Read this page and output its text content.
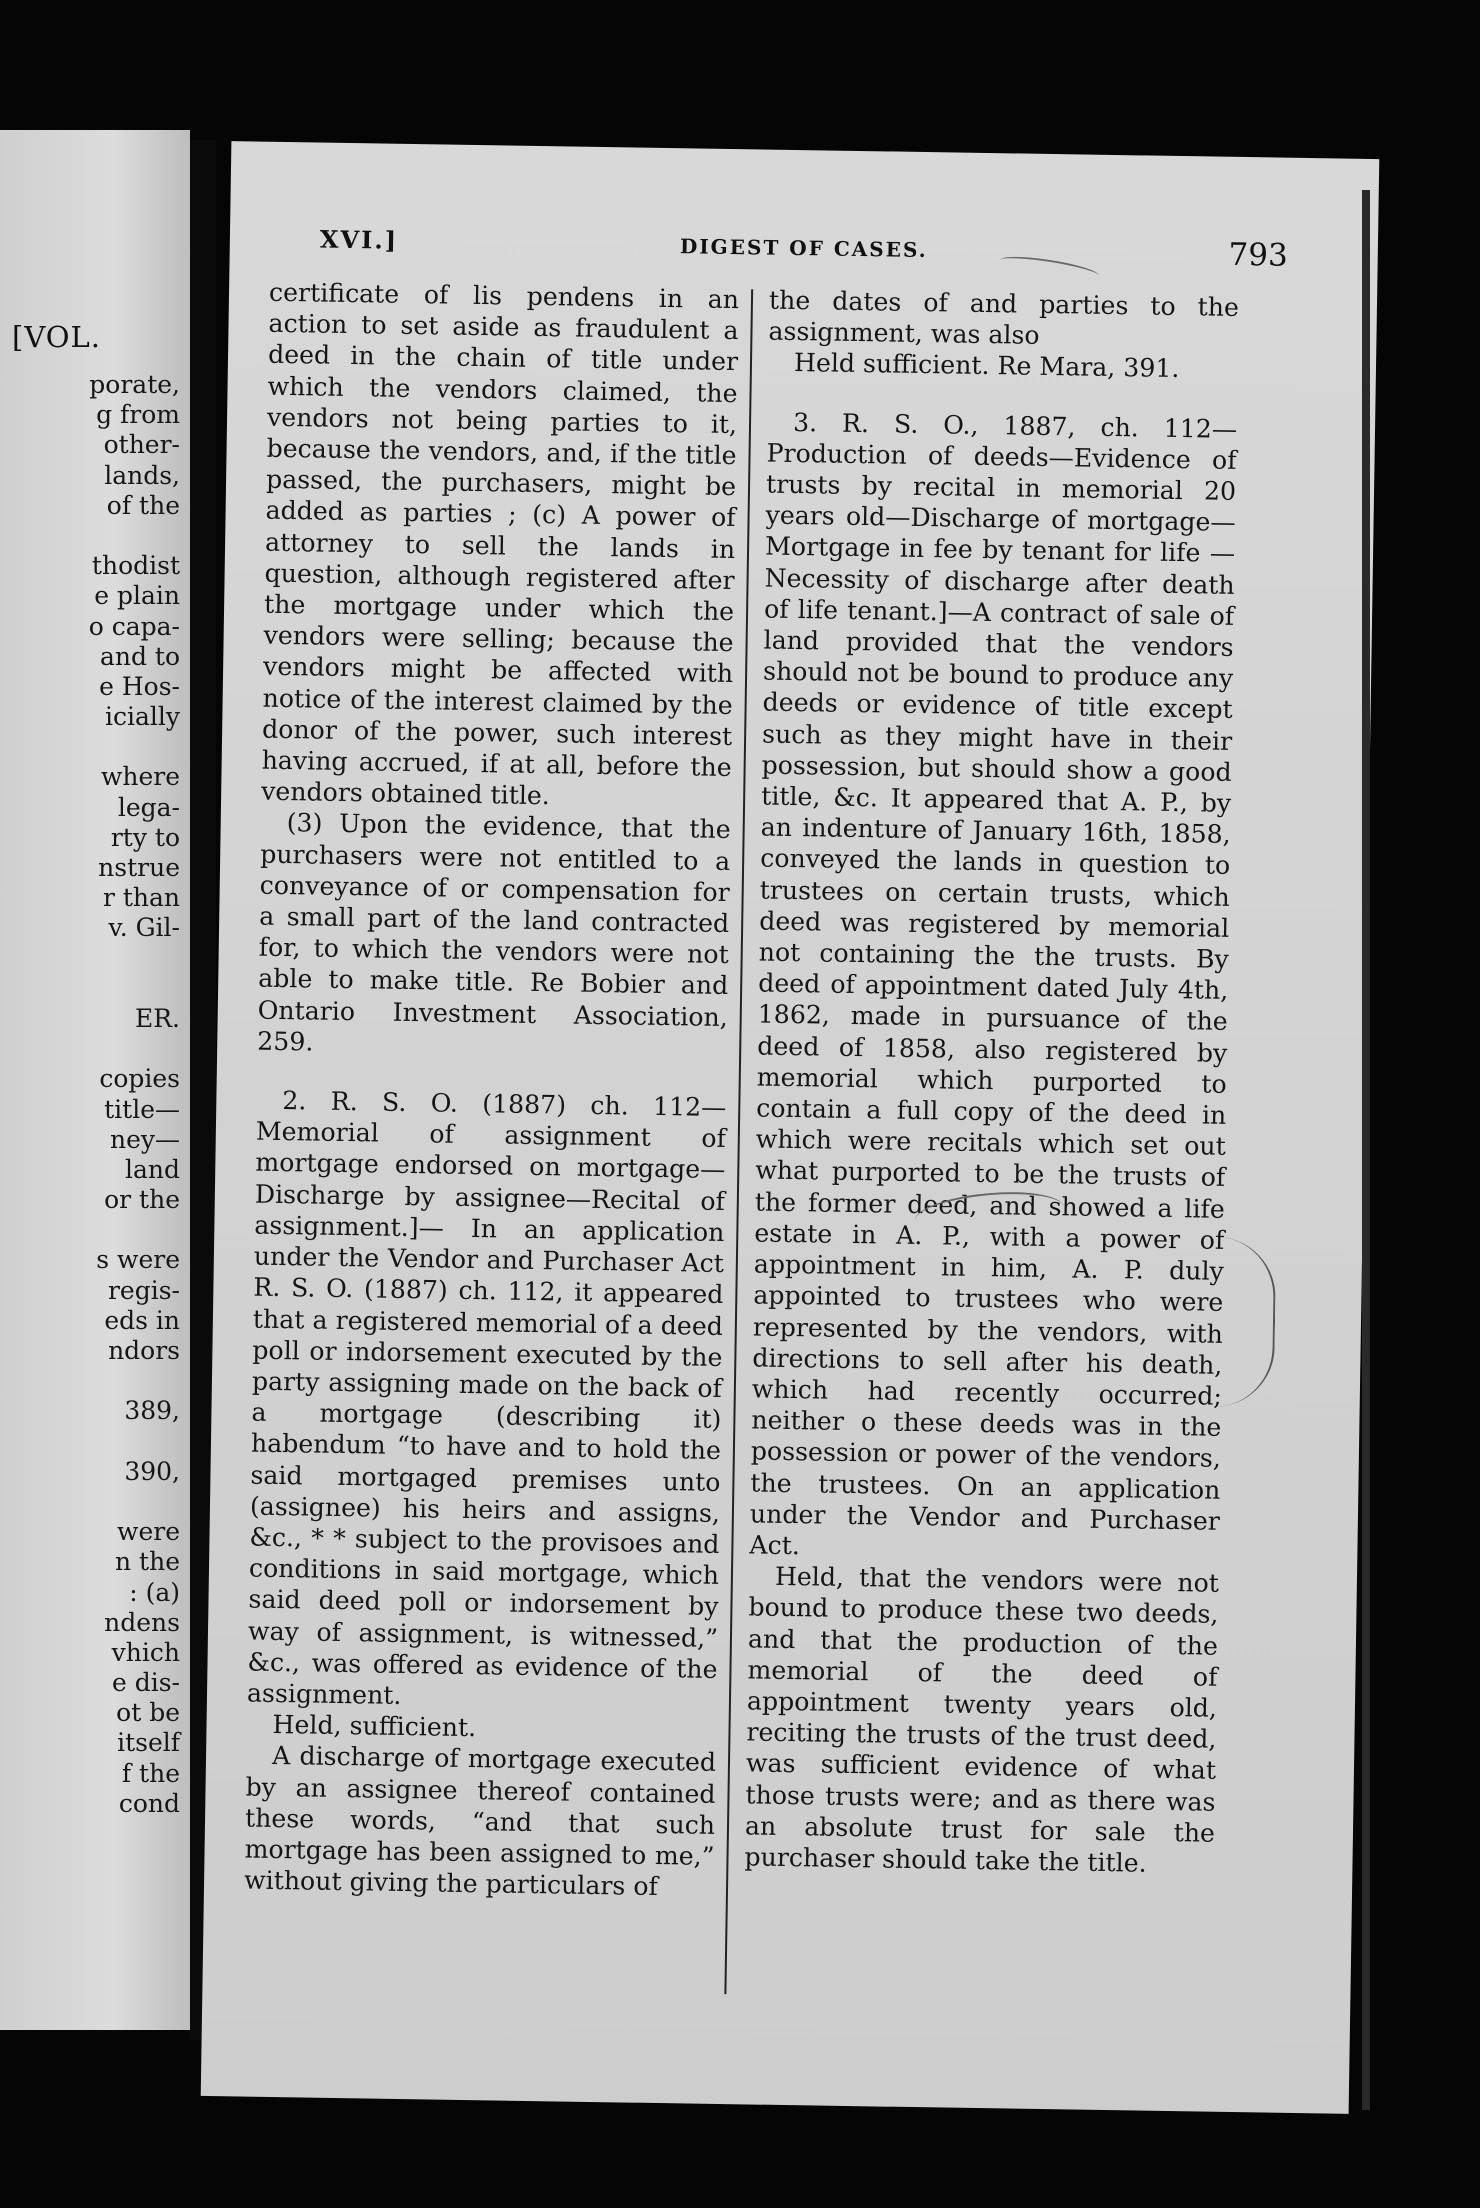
[VOL.
porate,
g from
other-
lands,
of the
thodist
e plain
o capa-
and to
e Hos-
icially
where
lega-
rty to
nstrue
r than
v. Gil-
ER.
copies
title—
ney—
land
or the
s were
regis-
eds in
ndors
389,
390,
were
n the
: (a)
ndens
vhich
e dis-
ot be
itself
f the
cond
XVI.]	DIGEST OF CASES.	793

certificate of lis pendens in an action to set aside as fraudulent a deed in the chain of title under which the vendors claimed, the vendors not being parties to it, because the vendors, and, if the title passed, the purchasers, might be added as parties ; (c) A power of attorney to sell the lands in question, although registered after the mortgage under which the vendors were selling; because the vendors might be affected with notice of the interest claimed by the donor of the power, such interest having accrued, if at all, before the vendors obtained title.

(3) Upon the evidence, that the purchasers were not entitled to a conveyance of or compensation for a small part of the land contracted for, to which the vendors were not able to make title. Re Bobier and Ontario Investment Association, 259.

2. R. S. O. (1887) ch. 112—Memorial of assignment of mortgage endorsed on mortgage—Discharge by assignee—Recital of assignment.]— In an application under the Vendor and Purchaser Act R. S. O. (1887) ch. 112, it appeared that a registered memorial of a deed poll or indorsement executed by the party assigning made on the back of a mortgage (describing it) habendum “to have and to hold the said mortgaged premises unto (assignee) his heirs and assigns, &c., * * subject to the provisoes and conditions in said mortgage, which said deed poll or indorsement by way of assignment, is witnessed,” &c., was offered as evidence of the assignment.

Held, sufficient.

A discharge of mortgage executed by an assignee thereof contained these words, “and that such mortgage has been assigned to me,” without giving the particulars of

the dates of and parties to the assignment, was also

Held sufficient. Re Mara, 391.

3. R. S. O., 1887, ch. 112—Production of deeds—Evidence of trusts by recital in memorial 20 years old—Discharge of mortgage—Mortgage in fee by tenant for life — Necessity of discharge after death of life tenant.]—A contract of sale of land provided that the vendors should not be bound to produce any deeds or evidence of title except such as they might have in their possession, but should show a good title, &c. It appeared that A. P., by an indenture of January 16th, 1858, conveyed the lands in question to trustees on certain trusts, which deed was registered by memorial not containing the the trusts. By deed of appointment dated July 4th, 1862, made in pursuance of the deed of 1858, also registered by memorial which purported to contain a full copy of the deed in which were recitals which set out what purported to be the trusts of the former deed, and showed a life estate in A. P., with a power of appointment in him, A. P. duly appointed to trustees who were represented by the vendors, with directions to sell after his death, which had recently occurred; neither o these deeds was in the possession or power of the vendors, the trustees. On an application under the Vendor and Purchaser Act.

Held, that the vendors were not bound to produce these two deeds, and that the production of the memorial of the deed of appointment twenty years old, reciting the trusts of the trust deed, was sufficient evidence of what those trusts were; and as there was an absolute trust for sale the purchaser should take the title.
